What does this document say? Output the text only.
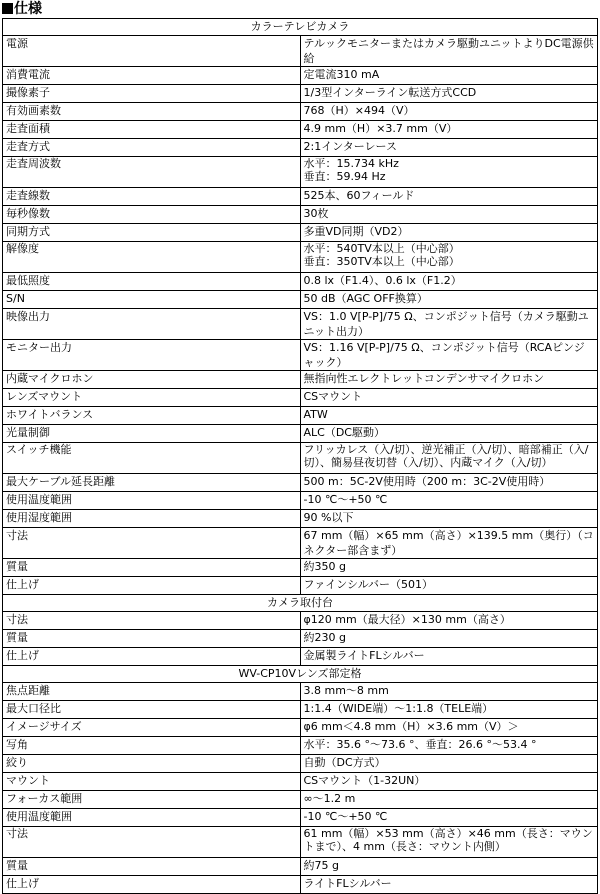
仕様
カラーテレビカメラ	
電源	テルックモニターまたはカメラ駆動ユニットよりDC電源供給
消費電流	定電流310 mA
撮像素子	1/3型インターライン転送方式CCD
有効画素数	768（H）×494（V）
走査面積	4.9 mm（H）×3.7 mm（V）
走査方式	2:1インターレース
走査周波数	水平：15.734 kHz
垂直：59.94 Hz
走査線数	525本、60フィールド
毎秒像数	30枚
同期方式	多重VD同期（VD2）
解像度	水平：540TV本以上（中心部）
垂直：350TV本以上（中心部）
最低照度	0.8 lx（F1.4）、0.6 lx（F1.2）
S/N	50 dB（AGC OFF換算）
映像出力	VS：1.0 V[P-P]/75 Ω、コンポジット信号（カメラ駆動ユニット出力）
モニター出力	VS：1.16 V[P-P]/75 Ω、コンポジット信号（RCAピンジャック）
内蔵マイクロホン	無指向性エレクトレットコンデンサマイクロホン
レンズマウント	CSマウント
ホワイトバランス	ATW
光量制御	ALC（DC駆動）
スイッチ機能	フリッカレス（入/切）、逆光補正（入/切）、暗部補正（入/切）、簡易昼夜切替（入/切）、内蔵マイク（入/切）
最大ケーブル延長距離	500 m：5C-2V使用時（200 m：3C-2V使用時）
使用温度範囲	-10 ℃～+50 ℃
使用湿度範囲	90 %以下
寸法	67 mm（幅）×65 mm（高さ）×139.5 mm（奥行）（コネクター部含まず）
質量	約350 g
仕上げ	ファインシルバー（501）
カメラ取付台	
寸法	φ120 mm（最大径）×130 mm（高さ）
質量	約230 g
仕上げ	金属製ライトFLシルバー
WV-CP10Vレンズ部定格	
焦点距離	3.8 mm～8 mm
最大口径比	1:1.4（WIDE端）～1:1.8（TELE端）
イメージサイズ	φ6 mm＜4.8 mm（H）×3.6 mm（V）＞
写角	水平：35.6 °～73.6 °、垂直：26.6 °～53.4 °
絞り	自動（DC方式）
マウント	CSマウント（1-32UN）
フォーカス範囲	∞～1.2 m
使用温度範囲	-10 ℃～+50 ℃
寸法	61 mm（幅）×53 mm（高さ）×46 mm（長さ：マウントまで）、4 mm（長さ：マウント内側）
質量	約75 g
仕上げ	ライトFLシルバー
